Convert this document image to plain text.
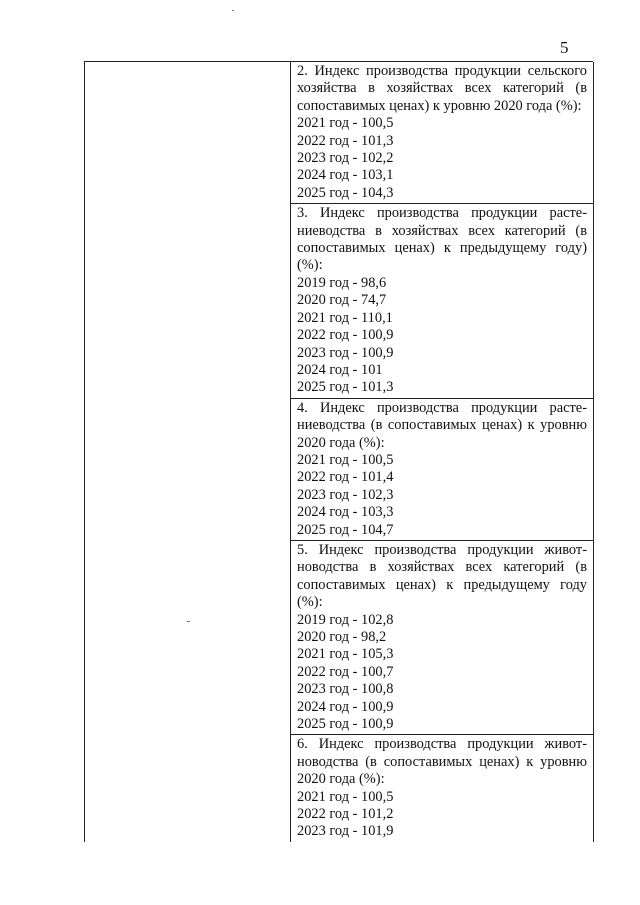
5
2. Индекс производства продукции сельского хозяйства в хозяйствах всех категорий (в сопоставимых ценах) к уровню 2020 года (%):
2021 год - 100,5
2022 год - 101,3
2023 год - 102,2
2024 год - 103,1
2025 год - 104,3
3. Индекс производства продукции растениеводства в хозяйствах всех категорий (в сопоставимых ценах) к предыдущему году) (%):
2019 год - 98,6
2020 год - 74,7
2021 год - 110,1
2022 год - 100,9
2023 год - 100,9
2024 год - 101
2025 год - 101,3
4. Индекс производства продукции растениеводства (в сопоставимых ценах) к уровню 2020 года (%):
2021 год - 100,5
2022 год - 101,4
2023 год - 102,3
2024 год - 103,3
2025 год - 104,7
5. Индекс производства продукции животноводства в хозяйствах всех категорий (в сопоставимых ценах) к предыдущему году (%):
2019 год - 102,8
2020 год - 98,2
2021 год - 105,3
2022 год - 100,7
2023 год - 100,8
2024 год - 100,9
2025 год - 100,9
6. Индекс производства продукции животноводства (в сопоставимых ценах) к уровню 2020 года (%):
2021 год - 100,5
2022 год - 101,2
2023 год - 101,9
